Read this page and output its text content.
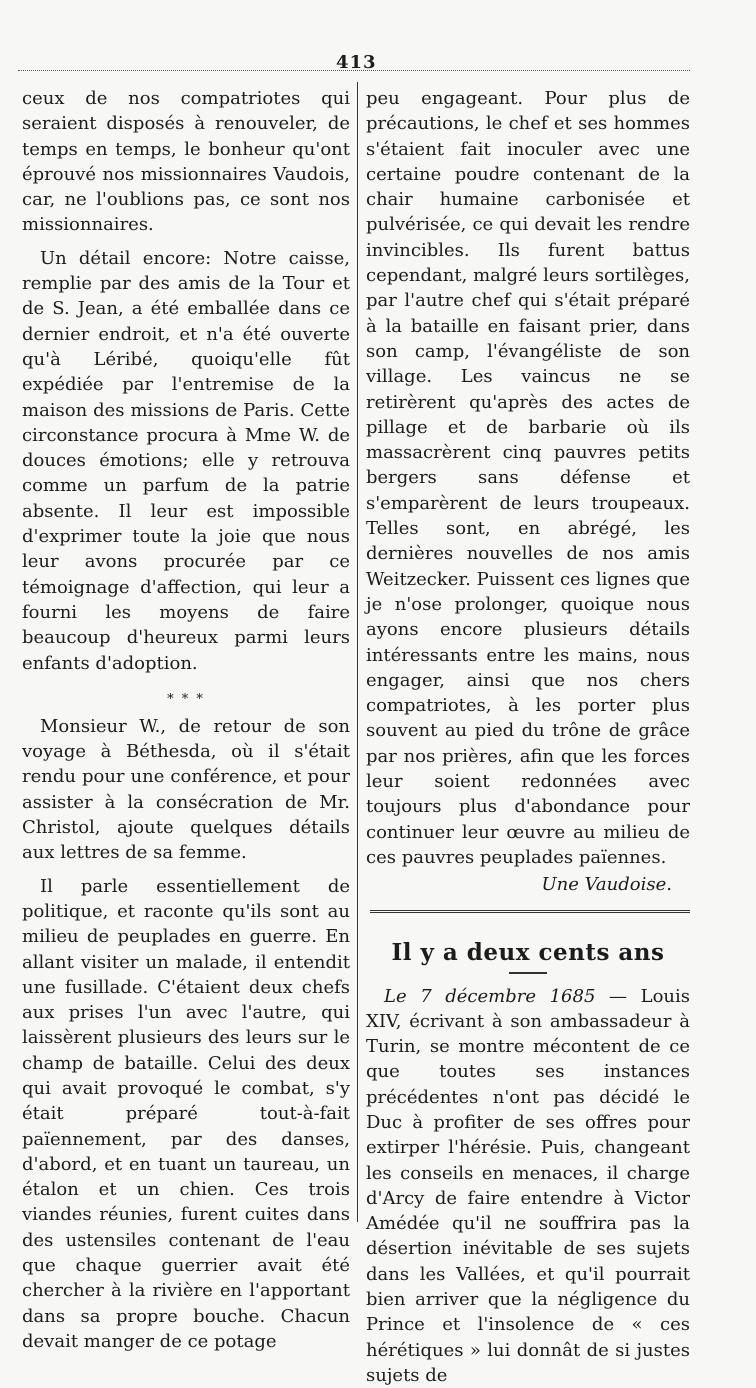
413

ceux de nos compatriotes qui seraient disposés à renouveler, de temps en temps, le bonheur qu'ont éprouvé nos missionnaires Vaudois, car, ne l'oublions pas, ce sont nos missionnaires.

Un détail encore: Notre caisse, remplie par des amis de la Tour et de S. Jean, a été emballée dans ce dernier endroit, et n'a été ouverte qu'à Léribé, quoiqu'elle fût expédiée par l'entremise de la maison des missions de Paris. Cette circonstance procura à Mme W. de douces émotions; elle y retrouva comme un parfum de la patrie absente. Il leur est impossible d'exprimer toute la joie que nous leur avons procurée par ce témoignage d'affection, qui leur a fourni les moyens de faire beaucoup d'heureux parmi leurs enfants d'adoption.

* * *

Monsieur W., de retour de son voyage à Béthesda, où il s'était rendu pour une conférence, et pour assister à la consécration de Mr. Christol, ajoute quelques détails aux lettres de sa femme.

Il parle essentiellement de politique, et raconte qu'ils sont au milieu de peuplades en guerre. En allant visiter un malade, il entendit une fusillade. C'étaient deux chefs aux prises l'un avec l'autre, qui laissèrent plusieurs des leurs sur le champ de bataille. Celui des deux qui avait provoqué le combat, s'y était préparé tout-à-fait païennement, par des danses, d'abord, et en tuant un taureau, un étalon et un chien. Ces trois viandes réunies, furent cuites dans des ustensiles contenant de l'eau que chaque guerrier avait été chercher à la rivière en l'apportant dans sa propre bouche. Chacun devait manger de ce potage

peu engageant. Pour plus de précautions, le chef et ses hommes s'étaient fait inoculer avec une certaine poudre contenant de la chair humaine carbonisée et pulvérisée, ce qui devait les rendre invincibles. Ils furent battus cependant, malgré leurs sortilèges, par l'autre chef qui s'était préparé à la bataille en faisant prier, dans son camp, l'évangéliste de son village. Les vaincus ne se retirèrent qu'après des actes de pillage et de barbarie où ils massacrèrent cinq pauvres petits bergers sans défense et s'emparèrent de leurs troupeaux. Telles sont, en abrégé, les dernières nouvelles de nos amis Weitzecker. Puissent ces lignes que je n'ose prolonger, quoique nous ayons encore plusieurs détails intéressants entre les mains, nous engager, ainsi que nos chers compatriotes, à les porter plus souvent au pied du trône de grâce par nos prières, afin que les forces leur soient redonnées avec toujours plus d'abondance pour continuer leur œuvre au milieu de ces pauvres peuplades païennes.

Une Vaudoise.

Il y a deux cents ans

Le 7 décembre 1685 — Louis XIV, écrivant à son ambassadeur à Turin, se montre mécontent de ce que toutes ses instances précédentes n'ont pas décidé le Duc à profiter de ses offres pour extirper l'hérésie. Puis, changeant les conseils en menaces, il charge d'Arcy de faire entendre à Victor Amédée qu'il ne souffrira pas la désertion inévitable de ses sujets dans les Vallées, et qu'il pourrait bien arriver que la négligence du Prince et l'insolence de « ces hérétiques » lui donnât de si justes sujets de
